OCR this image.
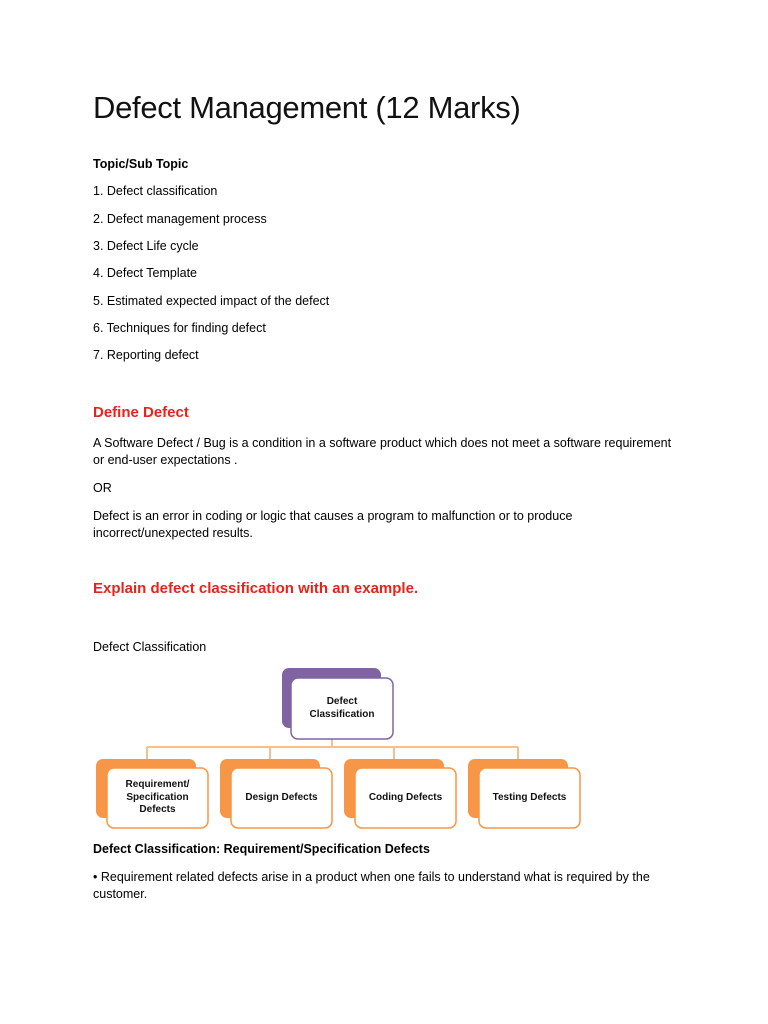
Defect Management (12 Marks)

Topic/Sub Topic

1. Defect classification

2. Defect management process

3. Defect Life cycle

4. Defect Template

5. Estimated expected impact of the defect

6. Techniques for finding defect

7. Reporting defect

Define Defect

A Software Defect / Bug is a condition in a software product which does not meet a software requirement or end-user expectations .

OR

Defect is an error in coding or logic that causes a program to malfunction or to produce incorrect/unexpected results.

Explain defect classification with an example.

Defect Classification

Defect
Classification
Requirement/
Specification
Defects
Design Defects	Coding Defects	Testing Defects

Defect Classification: Requirement/Specification Defects

• Requirement related defects arise in a product when one fails to understand what is required by the customer.
